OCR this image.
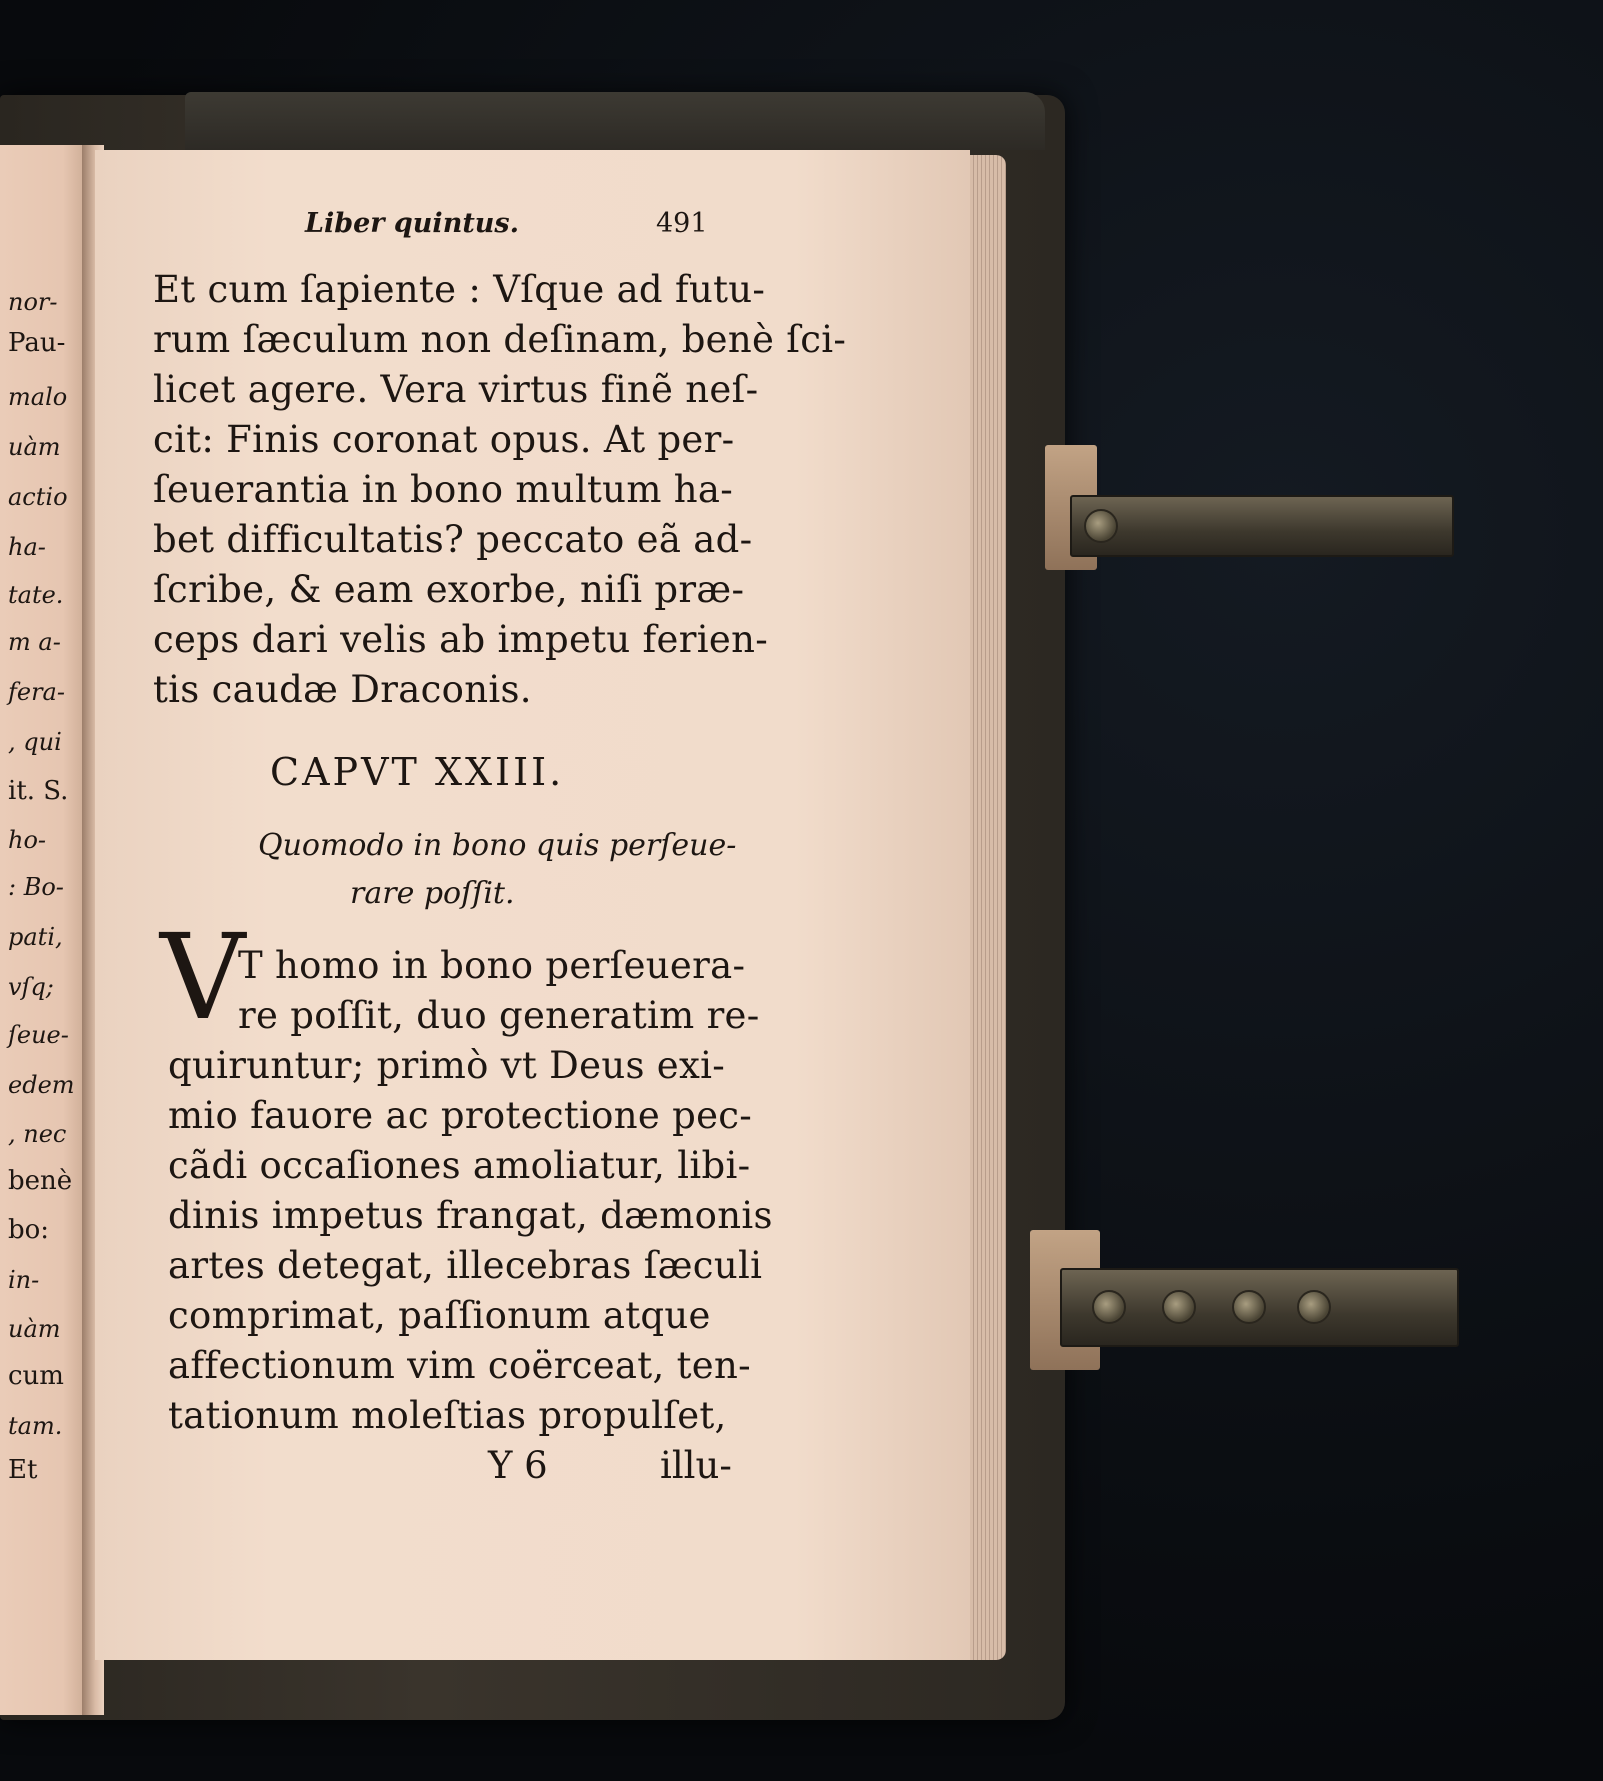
nor-
Pau-
malo
uàm
actio
ha-
tate.
m a-
fera-
, qui
it. S.
ho-
: Bo-
pati,
vſq;
ſeue-
edem
, nec
benè
bo:
in-
uàm
cum
tam.
Et
Liber quintus.	491
Et cum ſapiente : Vſque ad futu-
rum ſæculum non deſinam, benè ſci-
licet agere. Vera virtus finẽ neſ-
cit: Finis coronat opus. At per-
ſeuerantia in bono multum ha-
bet difficultatis? peccato eã ad-
ſcribe, & eam exorbe, niſi præ-
ceps dari velis ab impetu ferien-
tis caudæ Draconis.
CAPVT XXIII.
Quomodo in bono quis perſeue-
rare poſſit.
V
T homo in bono perſeuera-
re poſſit, duo generatim re-
quiruntur; primò vt Deus exi-
mio fauore ac protectione pec-
cãdi occaſiones amoliatur, libi-
dinis impetus frangat, dæmonis
artes detegat, illecebras ſæculi
comprimat, paſſionum atque
affectionum vim coërceat, ten-
tationum moleſtias propulſet,
Y 6	illu-
